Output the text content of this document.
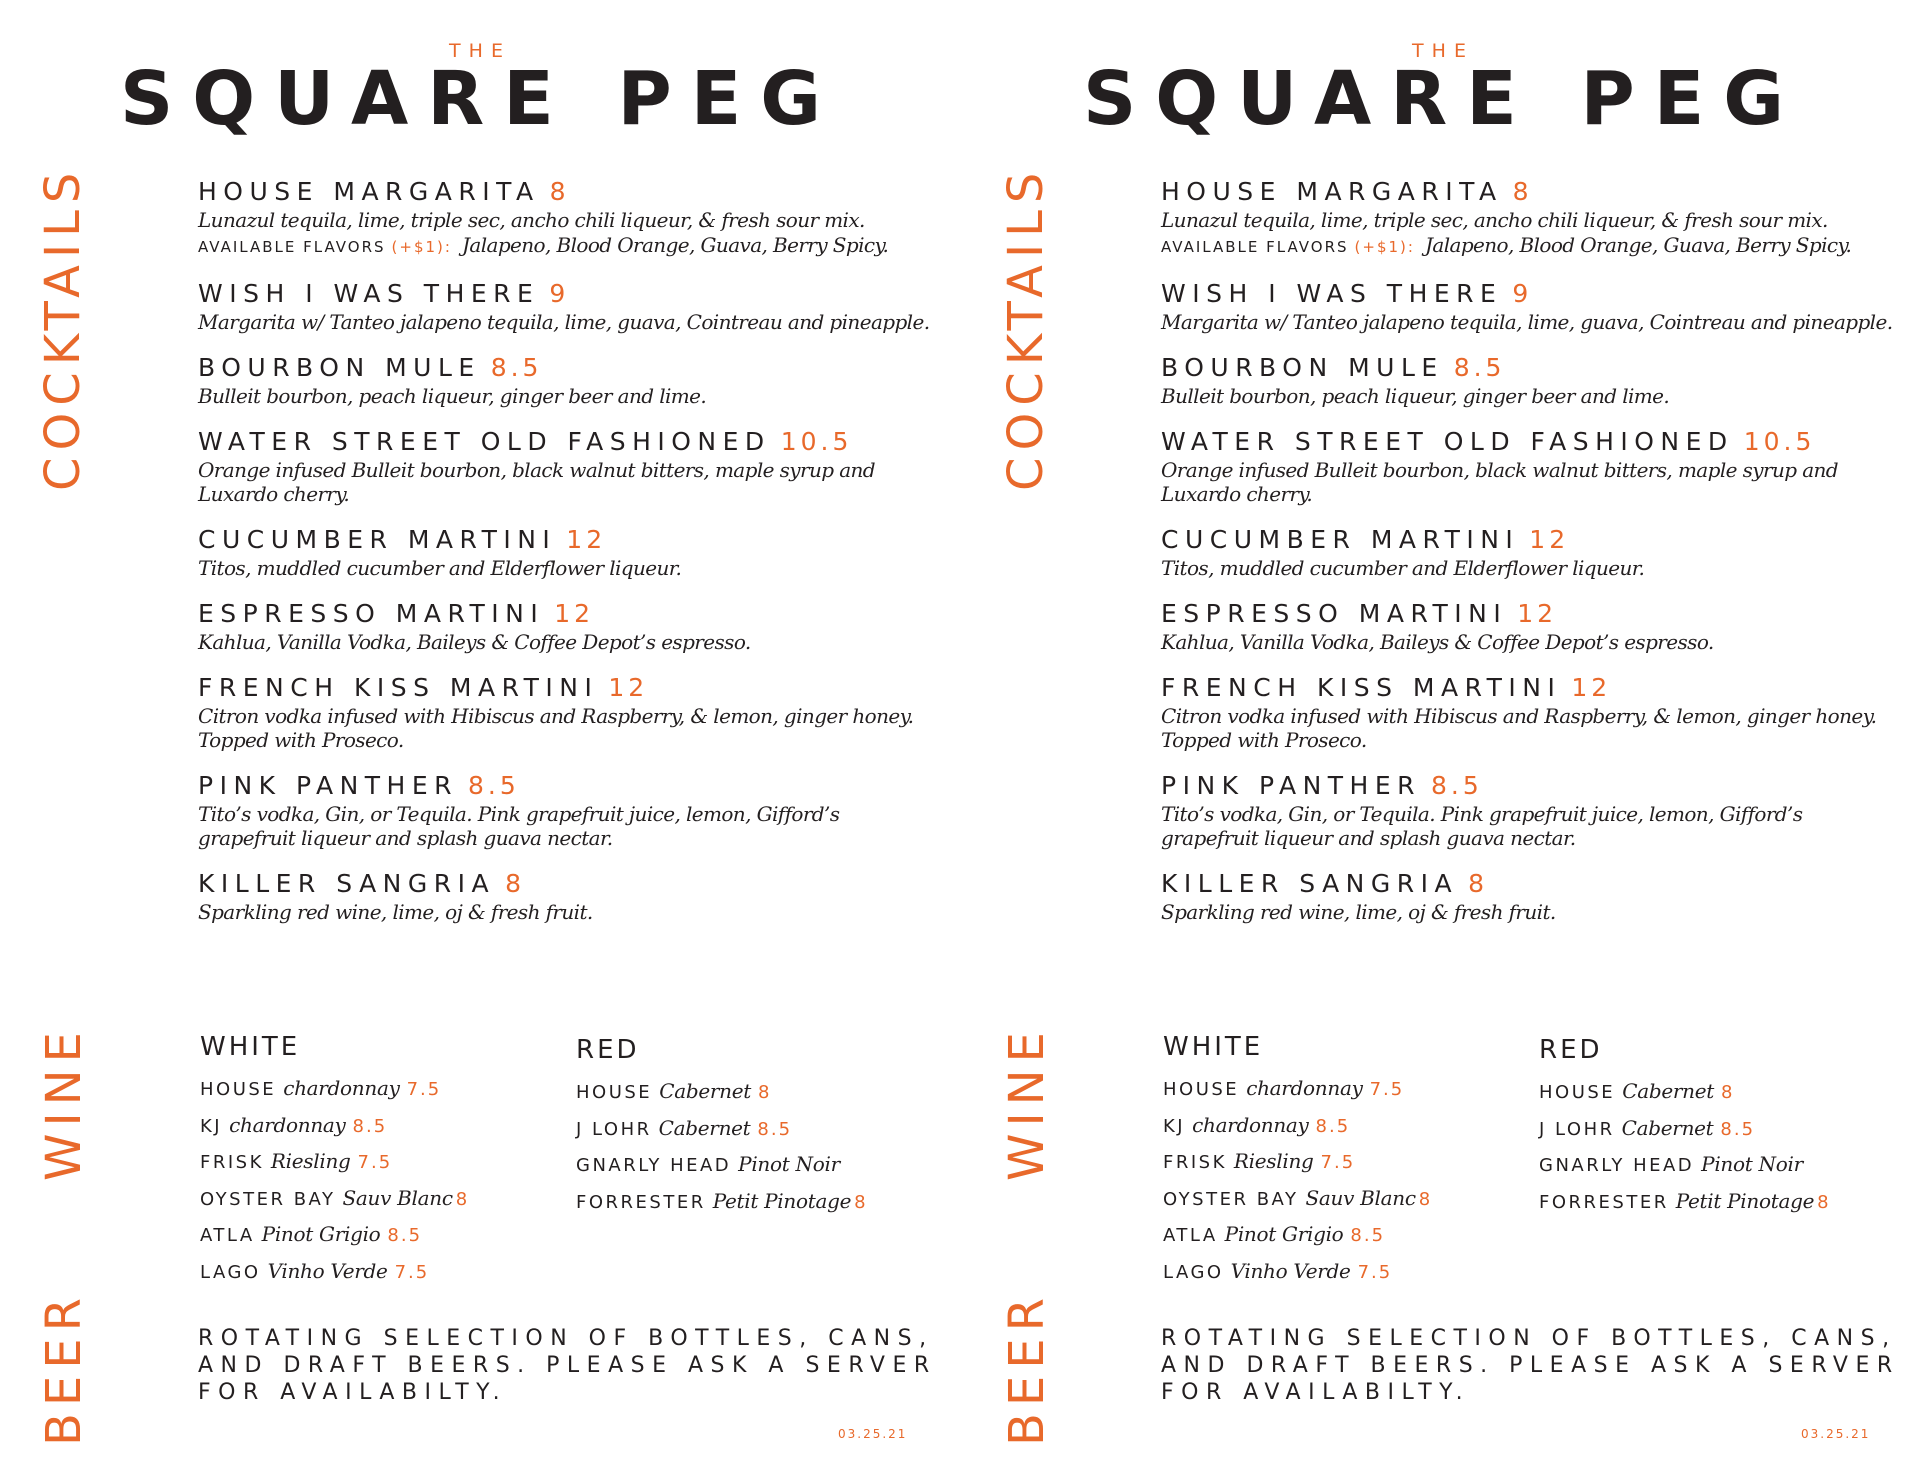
THE
SQUARE PEG
COCKTAILS
WINE
BEER
HOUSE MARGARITA 8
Lunazul tequila, lime, triple sec, ancho chili liqueur, & fresh sour mix.
AVAILABLE FLAVORS (+$1): Jalapeno, Blood Orange, Guava, Berry Spicy.
WISH I WAS THERE 9
Margarita w/ Tanteo jalapeno tequila, lime, guava, Cointreau and pineapple.
BOURBON MULE 8.5
Bulleit bourbon, peach liqueur, ginger beer and lime.
WATER STREET OLD FASHIONED 10.5
Orange infused Bulleit bourbon, black walnut bitters, maple syrup and
Luxardo cherry.
CUCUMBER MARTINI 12
Titos, muddled cucumber and Elderflower liqueur.
ESPRESSO MARTINI 12
Kahlua, Vanilla Vodka, Baileys & Coffee Depot’s espresso.
FRENCH KISS MARTINI 12
Citron vodka infused with Hibiscus and Raspberry, & lemon, ginger honey.
Topped with Proseco.
PINK PANTHER 8.5
Tito’s vodka, Gin, or Tequila. Pink grapefruit juice, lemon, Gifford’s
grapefruit liqueur and splash guava nectar.
KILLER SANGRIA 8
Sparkling red wine, lime, oj & fresh fruit.
WHITE
HOUSE chardonnay 7.5
KJ chardonnay 8.5
FRISK Riesling 7.5
OYSTER BAY Sauv Blanc 8
ATLA Pinot Grigio 8.5
LAGO Vinho Verde 7.5
RED
HOUSE Cabernet 8
J LOHR Cabernet 8.5
GNARLY HEAD Pinot Noir
FORRESTER Petit Pinotage 8
ROTATING SELECTION OF BOTTLES, CANS,
AND DRAFT BEERS. PLEASE ASK A SERVER
FOR AVAILABILTY.
03.25.21
THE
SQUARE PEG
COCKTAILS
WINE
BEER
HOUSE MARGARITA 8
Lunazul tequila, lime, triple sec, ancho chili liqueur, & fresh sour mix.
AVAILABLE FLAVORS (+$1): Jalapeno, Blood Orange, Guava, Berry Spicy.
WISH I WAS THERE 9
Margarita w/ Tanteo jalapeno tequila, lime, guava, Cointreau and pineapple.
BOURBON MULE 8.5
Bulleit bourbon, peach liqueur, ginger beer and lime.
WATER STREET OLD FASHIONED 10.5
Orange infused Bulleit bourbon, black walnut bitters, maple syrup and
Luxardo cherry.
CUCUMBER MARTINI 12
Titos, muddled cucumber and Elderflower liqueur.
ESPRESSO MARTINI 12
Kahlua, Vanilla Vodka, Baileys & Coffee Depot’s espresso.
FRENCH KISS MARTINI 12
Citron vodka infused with Hibiscus and Raspberry, & lemon, ginger honey.
Topped with Proseco.
PINK PANTHER 8.5
Tito’s vodka, Gin, or Tequila. Pink grapefruit juice, lemon, Gifford’s
grapefruit liqueur and splash guava nectar.
KILLER SANGRIA 8
Sparkling red wine, lime, oj & fresh fruit.
WHITE
HOUSE chardonnay 7.5
KJ chardonnay 8.5
FRISK Riesling 7.5
OYSTER BAY Sauv Blanc 8
ATLA Pinot Grigio 8.5
LAGO Vinho Verde 7.5
RED
HOUSE Cabernet 8
J LOHR Cabernet 8.5
GNARLY HEAD Pinot Noir
FORRESTER Petit Pinotage 8
ROTATING SELECTION OF BOTTLES, CANS,
AND DRAFT BEERS. PLEASE ASK A SERVER
FOR AVAILABILTY.
03.25.21
